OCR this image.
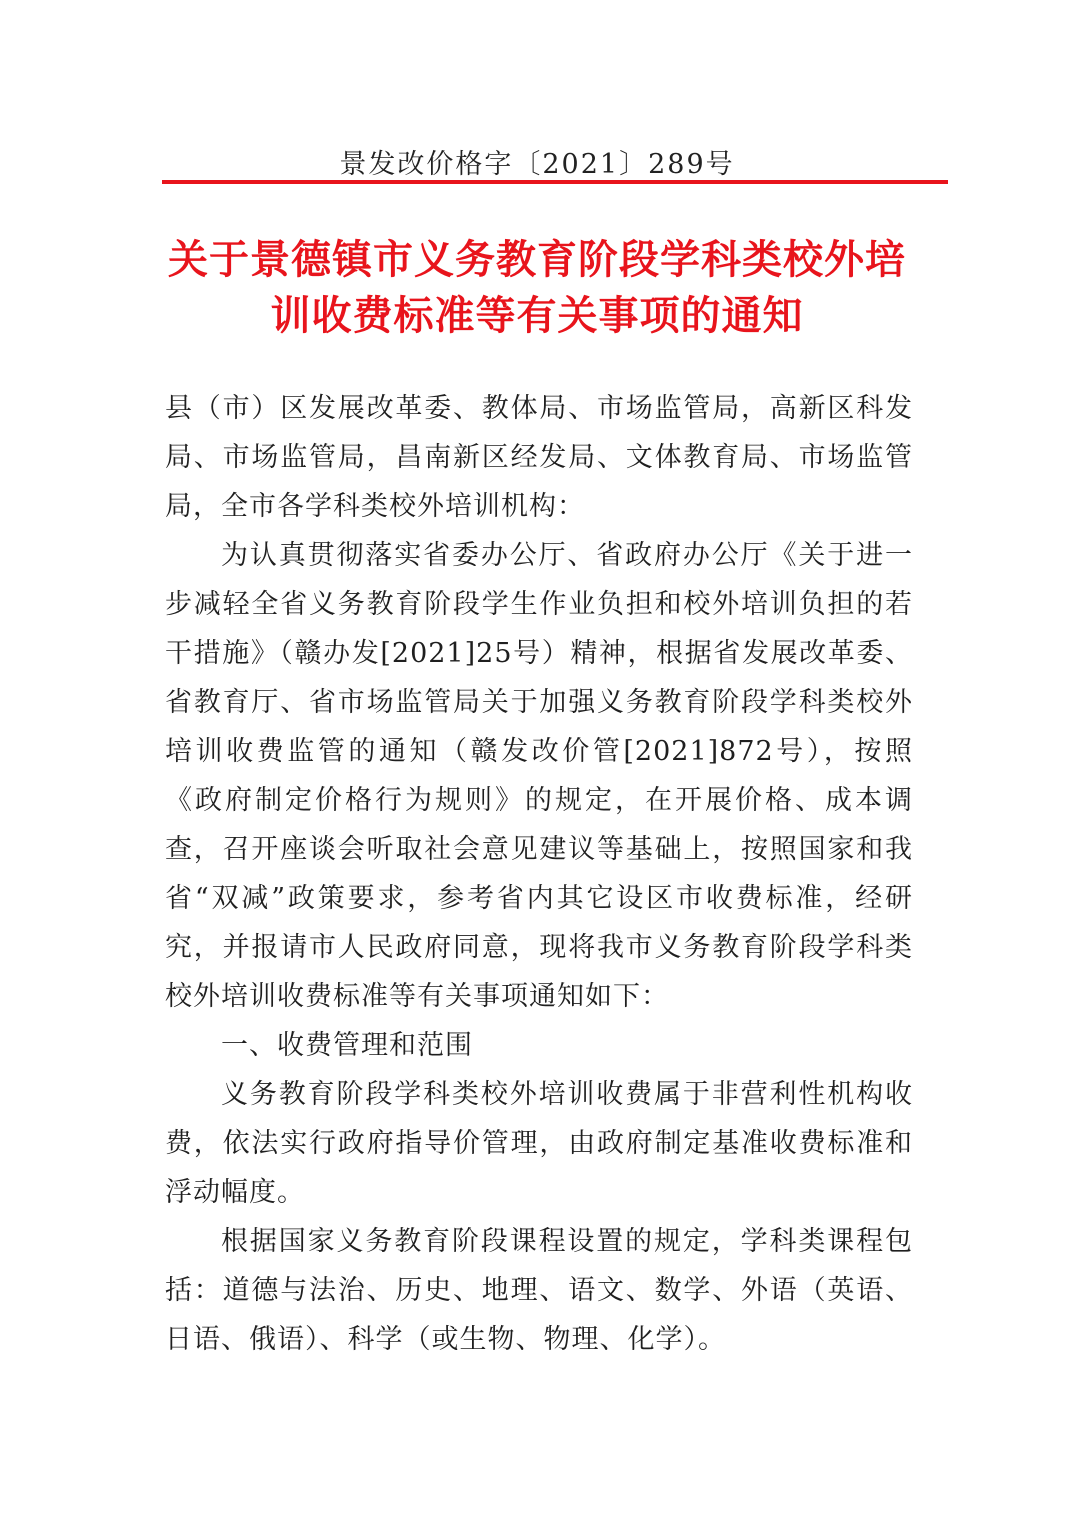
景发改价格字〔2021〕289号
关于景德镇市义务教育阶段学科类校外培
训收费标准等有关事项的通知

县（市）区发展改革委、教体局、市场监管局，高新区科发局、市场监管局，昌南新区经发局、文体教育局、市场监管局，全市各学科类校外培训机构：

为认真贯彻落实省委办公厅、省政府办公厅《关于进一步减轻全省义务教育阶段学生作业负担和校外培训负担的若干措施》（赣办发[2021]25号）精神，根据省发展改革委、省教育厅、省市场监管局关于加强义务教育阶段学科类校外培训收费监管的通知（赣发改价管[2021]872号），按照《政府制定价格行为规则》的规定，在开展价格、成本调查，召开座谈会听取社会意见建议等基础上，按照国家和我省“双减”政策要求，参考省内其它设区市收费标准，经研究，并报请市人民政府同意，现将我市义务教育阶段学科类校外培训收费标准等有关事项通知如下：

一、收费管理和范围

义务教育阶段学科类校外培训收费属于非营利性机构收费，依法实行政府指导价管理，由政府制定基准收费标准和浮动幅度。

根据国家义务教育阶段课程设置的规定，学科类课程包括：道德与法治、历史、地理、语文、数学、外语（英语、日语、俄语）、科学（或生物、物理、化学）。
